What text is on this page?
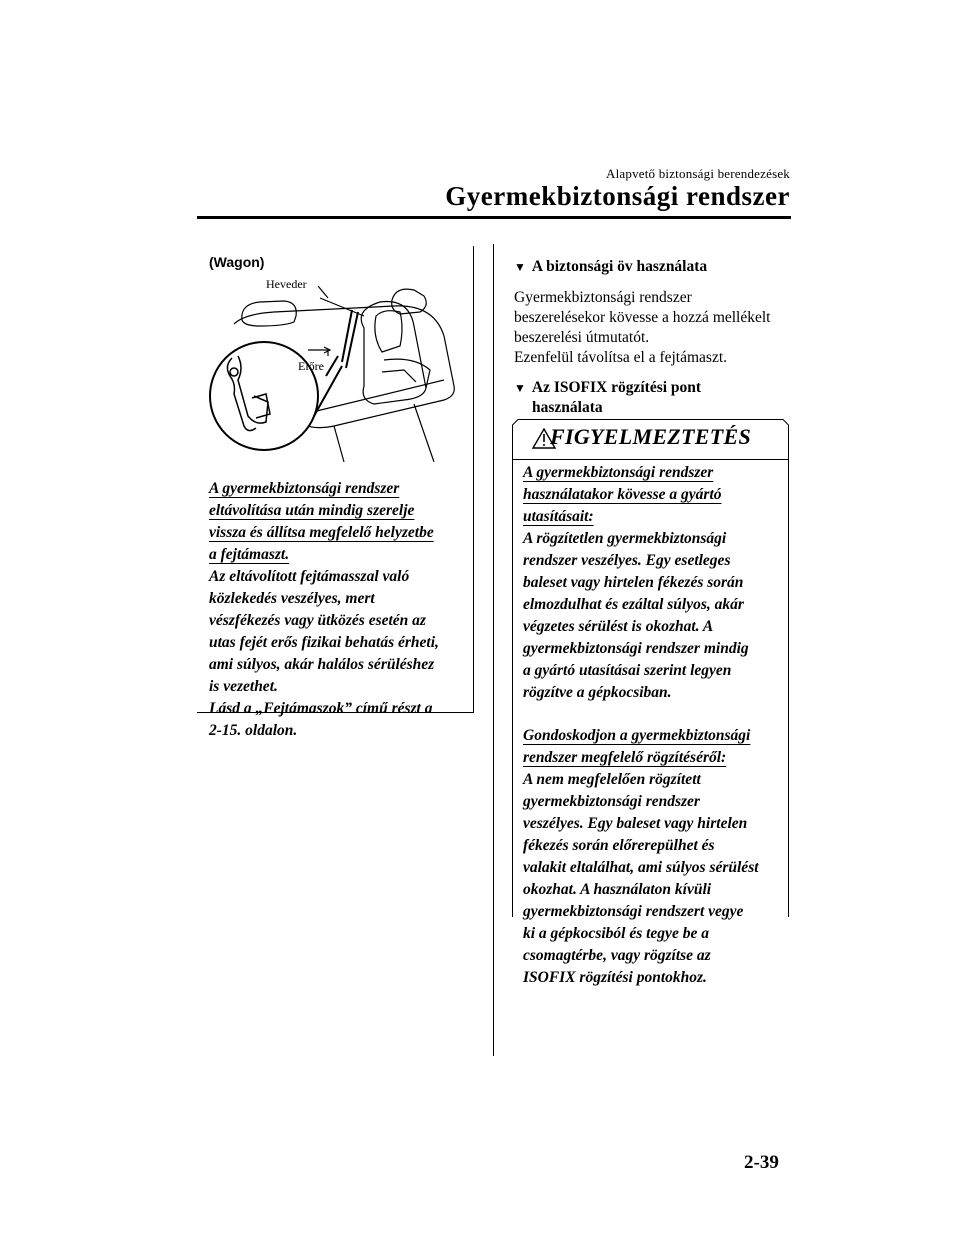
Alapvető biztonsági berendezések
Gyermekbiztonsági rendszer
(Wagon)
Heveder
Előre
A gyermekbiztonsági rendszer
eltávolítása után mindig szerelje
vissza és állítsa megfelelő helyzetbe
a fejtámaszt.
Az eltávolított fejtámasszal való
közlekedés veszélyes, mert
vészfékezés vagy ütközés esetén az
utas fejét erős fizikai behatás érheti,
ami súlyos, akár halálos sérüléshez
is vezethet.
Lásd a „Fejtámaszok” című részt a
2-15. oldalon.
▼ A biztonsági öv használata
Gyermekbiztonsági rendszer
beszerelésekor kövesse a hozzá mellékelt
beszerelési útmutatót.
Ezenfelül távolítsa el a fejtámaszt.
▼ Az ISOFIX rögzítési pont
használata
FIGYELMEZTETÉS
A gyermekbiztonsági rendszer
használatakor kövesse a gyártó
utasításait:
A rögzítetlen gyermekbiztonsági
rendszer veszélyes. Egy esetleges
baleset vagy hirtelen fékezés során
elmozdulhat és ezáltal súlyos, akár
végzetes sérülést is okozhat. A
gyermekbiztonsági rendszer mindig
a gyártó utasításai szerint legyen
rögzítve a gépkocsiban.
Gondoskodjon a gyermekbiztonsági
rendszer megfelelő rögzítéséről:
A nem megfelelően rögzített
gyermekbiztonsági rendszer
veszélyes. Egy baleset vagy hirtelen
fékezés során előrerepülhet és
valakit eltalálhat, ami súlyos sérülést
okozhat. A használaton kívüli
gyermekbiztonsági rendszert vegye
ki a gépkocsiból és tegye be a
csomagtérbe, vagy rögzítse az
ISOFIX rögzítési pontokhoz.
2-39
